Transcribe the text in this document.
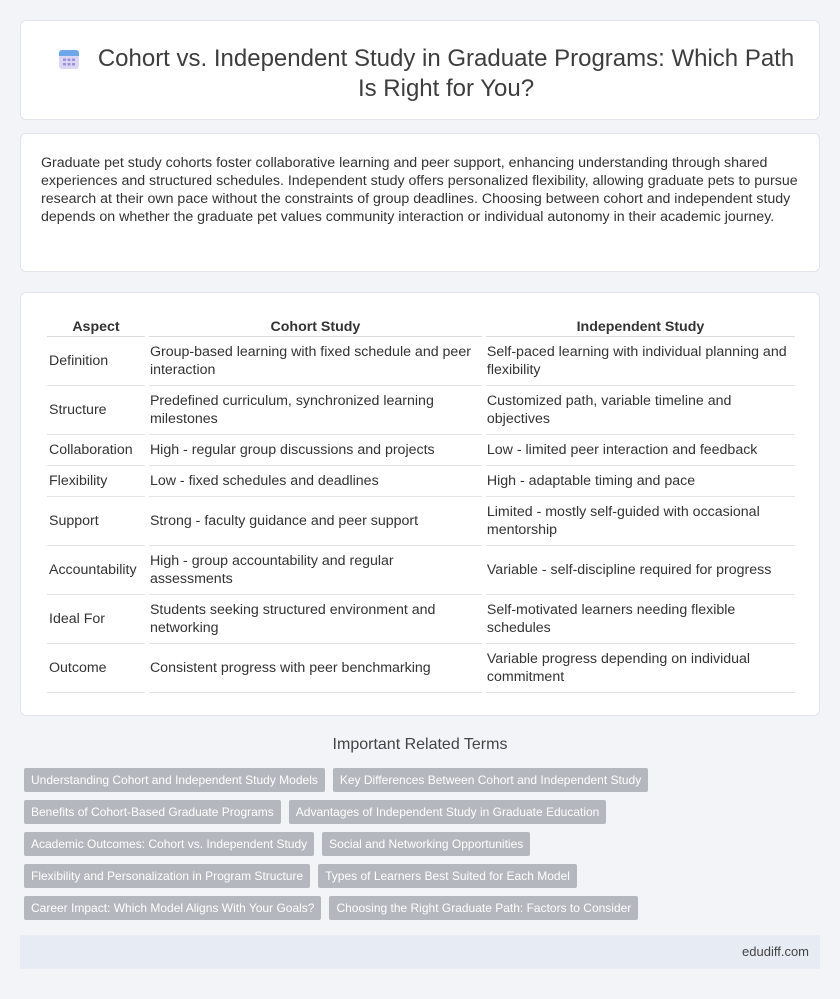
Cohort vs. Independent Study in Graduate Programs: Which Path Is Right for You?

Graduate pet study cohorts foster collaborative learning and peer support, enhancing understanding through shared experiences and structured schedules. Independent study offers personalized flexibility, allowing graduate pets to pursue research at their own pace without the constraints of group deadlines. Choosing between cohort and independent study depends on whether the graduate pet values community interaction or individual autonomy in their academic journey.

Aspect	Cohort Study	Independent Study
Definition	Group-based learning with fixed schedule and peer interaction	Self-paced learning with individual planning and flexibility
Structure	Predefined curriculum, synchronized learning milestones	Customized path, variable timeline and objectives
Collaboration	High - regular group discussions and projects	Low - limited peer interaction and feedback
Flexibility	Low - fixed schedules and deadlines	High - adaptable timing and pace
Support	Strong - faculty guidance and peer support	Limited - mostly self-guided with occasional mentorship
Accountability	High - group accountability and regular assessments	Variable - self-discipline required for progress
Ideal For	Students seeking structured environment and networking	Self-motivated learners needing flexible schedules
Outcome	Consistent progress with peer benchmarking	Variable progress depending on individual commitment
Important Related Terms
Understanding Cohort and Independent Study Models	Key Differences Between Cohort and Independent Study
Benefits of Cohort-Based Graduate Programs	Advantages of Independent Study in Graduate Education
Academic Outcomes: Cohort vs. Independent Study	Social and Networking Opportunities
Flexibility and Personalization in Program Structure	Types of Learners Best Suited for Each Model
Career Impact: Which Model Aligns With Your Goals?	Choosing the Right Graduate Path: Factors to Consider
edudiff.com
